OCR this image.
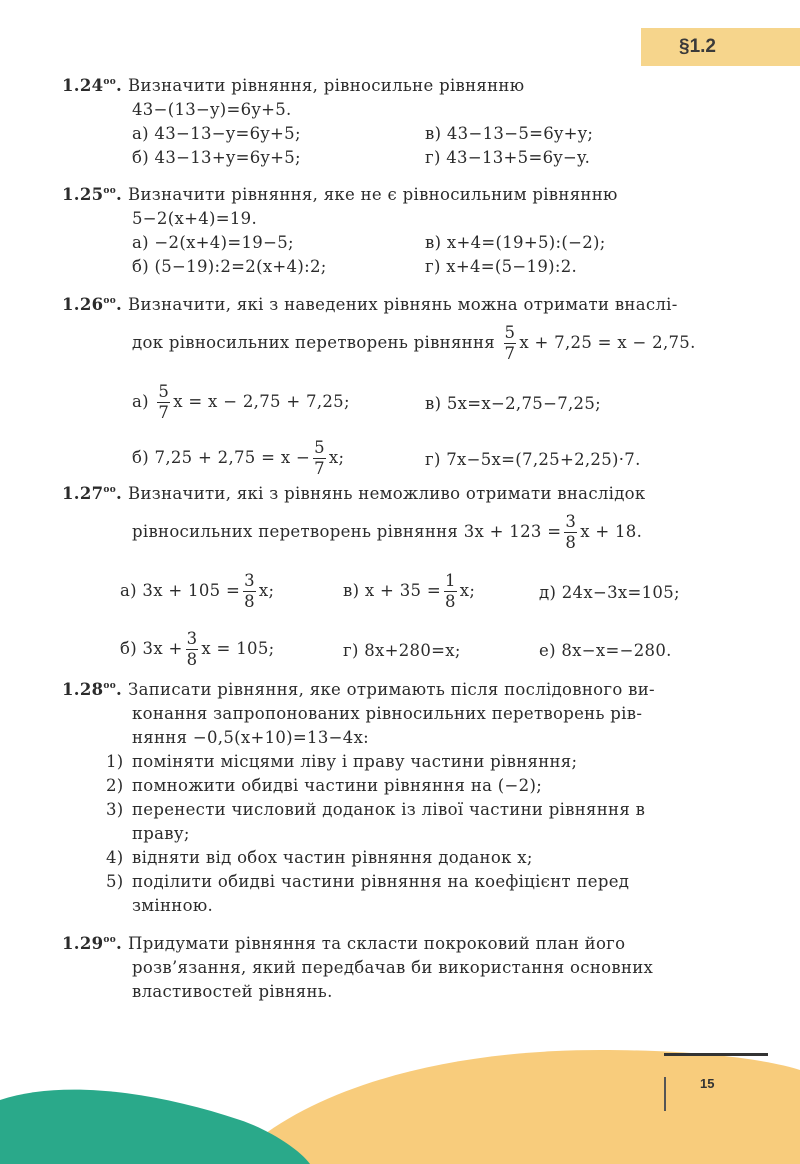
§1.2
$1.24^{oo}$. Визначити рівняння, рівносильне рівнянню
43−(13−y)=6y+5.
а) 43−13−y=6y+5;	в) 43−13−5=6y+y;
б) 43−13+y=6y+5;	г) 43−13+5=6y−y.
$1.25^{oo}$. Визначити рівняння, яке не є рівносильним рівнянню
5−2(x+4)=19.
а) −2(x+4)=19−5;	в) x+4=(19+5):(−2);
б) (5−19):2=2(x+4):2;	г) x+4=(5−19):2.
$1.26^{oo}$. Визначити, які з наведених рівнянь можна отримати внаслі-
док рівносильних перетворень рівняння $\frac{5}{7}$ x + 7,25 = x − 2,75.
$а) \frac{5}{7}$ x = x − 2,75 + 7,25;	в) 5x=x−2,75−7,25;
б) $7,25 + 2,75 = x - \frac{5}{7} x$;	г) 7x−5x=(7,25+2,25)·7.
$1.27^{oo}$. Визначити, які з рівнянь неможливо отримати внаслідок
рівносильних перетворень рівняння $3x + 123 = \frac{3}{8}$ x + 18.
а) $3x + 105 = \frac{3}{8} x$;	в) $x + 35 = \frac{1}{8} x$;	д) 24x−3x=105;
б) $3x + \frac{3}{8}$ x = 105;	г) 8x+280=x;	е) 8x−x=−280.
$1.28^{oo}$. Записати рівняння, яке отримають після послідовного ви-
конання запропонованих рівносильних перетворень рів-
няння −0,5(x+10)=13−4x:
1) поміняти місцями ліву і праву частини рівняння;
2) помножити обидві частини рівняння на (−2);
3) перенести числовий доданок із лівої частини рівняння в
праву;
4) відняти від обох частин рівняння доданок x;
5) поділити обидві частини рівняння на коефіцієнт перед
змінною.
$1.29^{oo}$. Придумати рівняння та скласти покроковий план його
розв’язання, який передбачав би використання основних
властивостей рівнянь.
15
